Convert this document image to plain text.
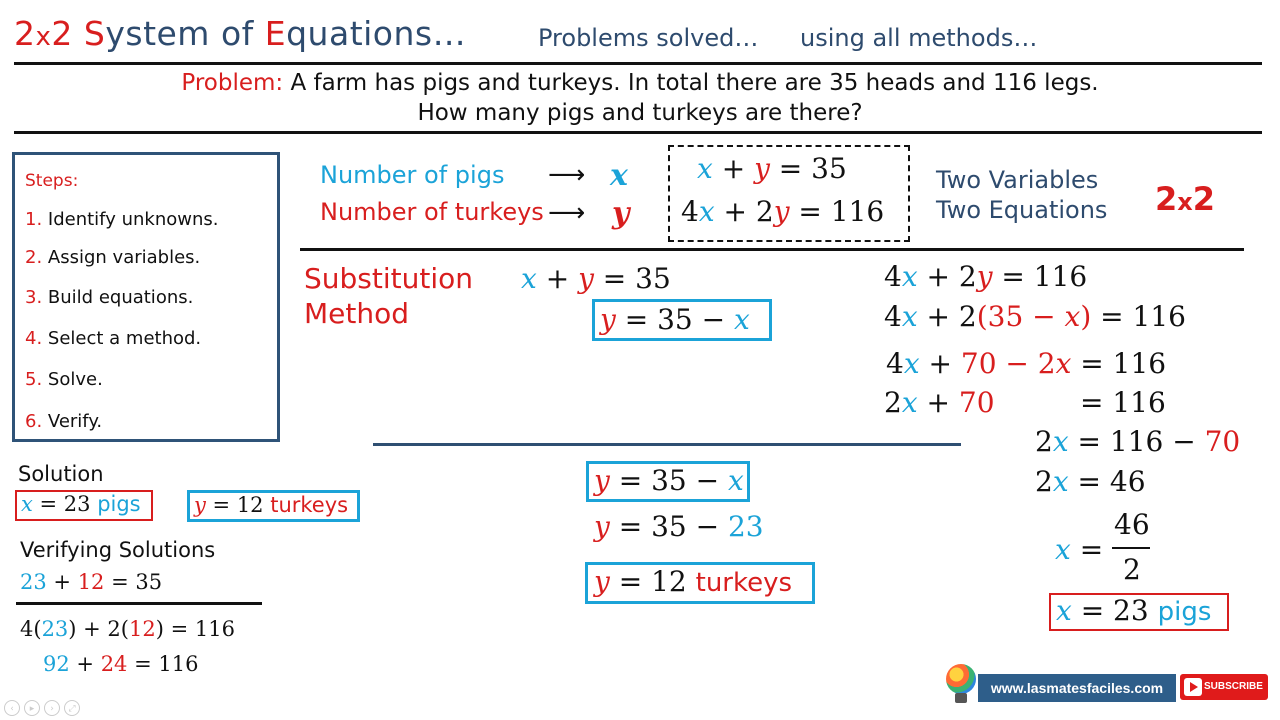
2x2 System of Equations…	Problems solved… using all methods…
Problem: A farm has pigs and turkeys. In total there are 35 heads and 116 legs.
How many pigs and turkeys are there?
Steps:
1. Identify unknowns.
2. Assign variables.
3. Build equations.
4. Select a method.
5. Solve.
6. Verify.
Number of pigs ⟶ x
Number of turkeys ⟶ y
x + y = 35
4x + 2y = 116
Two Variables
Two Equations 2x2
Substitution
Method
x + y = 35
y = 35 − x
4x + 2y = 116
4x + 2(35 − x) = 116
4x + 70 − 2x = 116
2x + 70	= 116
2x = 116 − 70
2x = 46
x =
46
2
x = 23 pigs
y = 35 − x
y = 35 − 23
y = 12 turkeys
Solution
x = 23 pigs	y = 12 turkeys
Verifying Solutions
23 + 12 = 35
4(23) + 2(12) = 116
92 + 24 = 116
www.lasmatesfaciles.com	SUBSCRIBE
‹	▸	›	⤢
